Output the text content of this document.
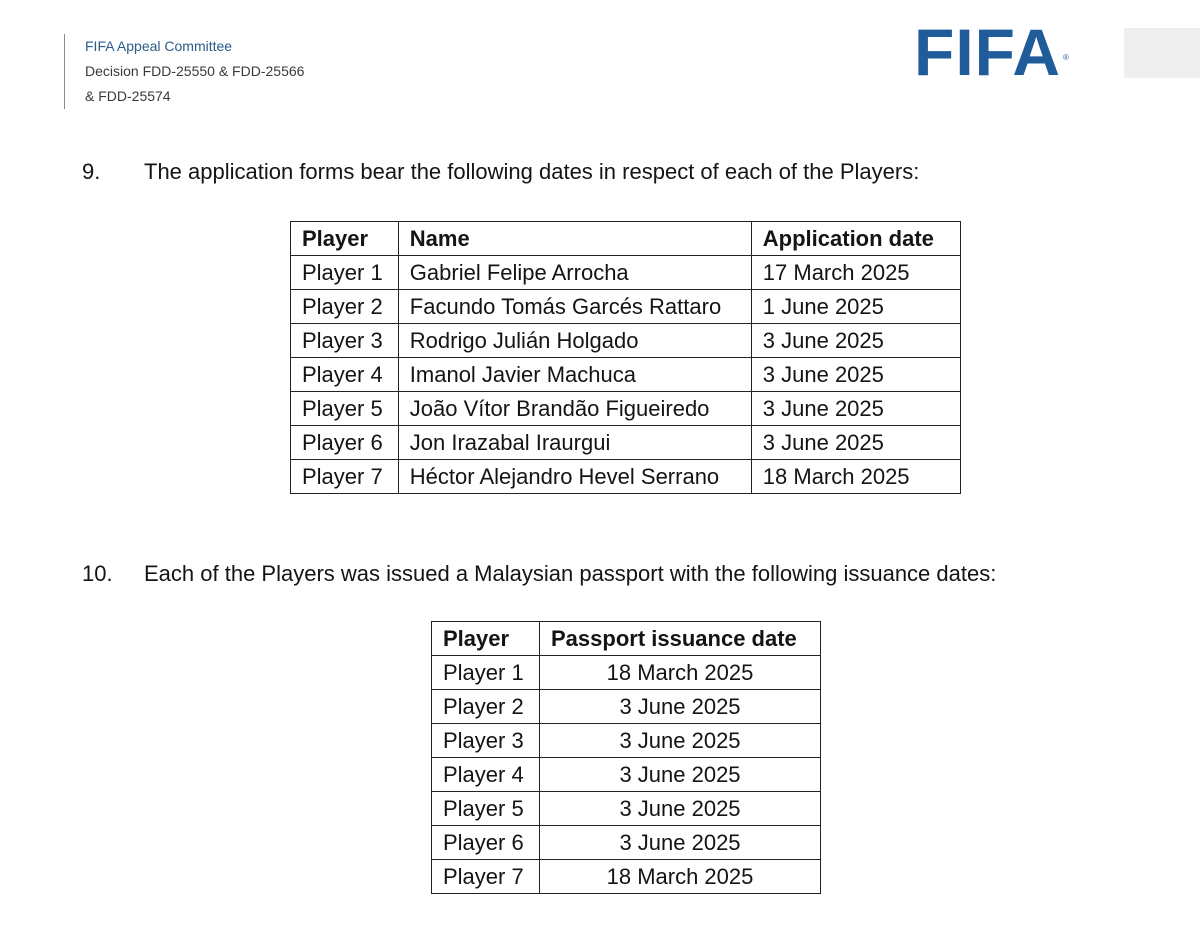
FIFA Appeal Committee
Decision FDD-25550 & FDD-25566
& FDD-25574
FIFA ®
9. The application forms bear the following dates in respect of each of the Players:
Player	Name	Application date
Player 1	Gabriel Felipe Arrocha	17 March 2025
Player 2	Facundo Tomás Garcés Rattaro	1 June 2025
Player 3	Rodrigo Julián Holgado	3 June 2025
Player 4	Imanol Javier Machuca	3 June 2025
Player 5	João Vítor Brandão Figueiredo	3 June 2025
Player 6	Jon Irazabal Iraurgui	3 June 2025
Player 7	Héctor Alejandro Hevel Serrano	18 March 2025
10. Each of the Players was issued a Malaysian passport with the following issuance dates:
Player	Passport issuance date
Player 1	18 March 2025
Player 2	3 June 2025
Player 3	3 June 2025
Player 4	3 June 2025
Player 5	3 June 2025
Player 6	3 June 2025
Player 7	18 March 2025
